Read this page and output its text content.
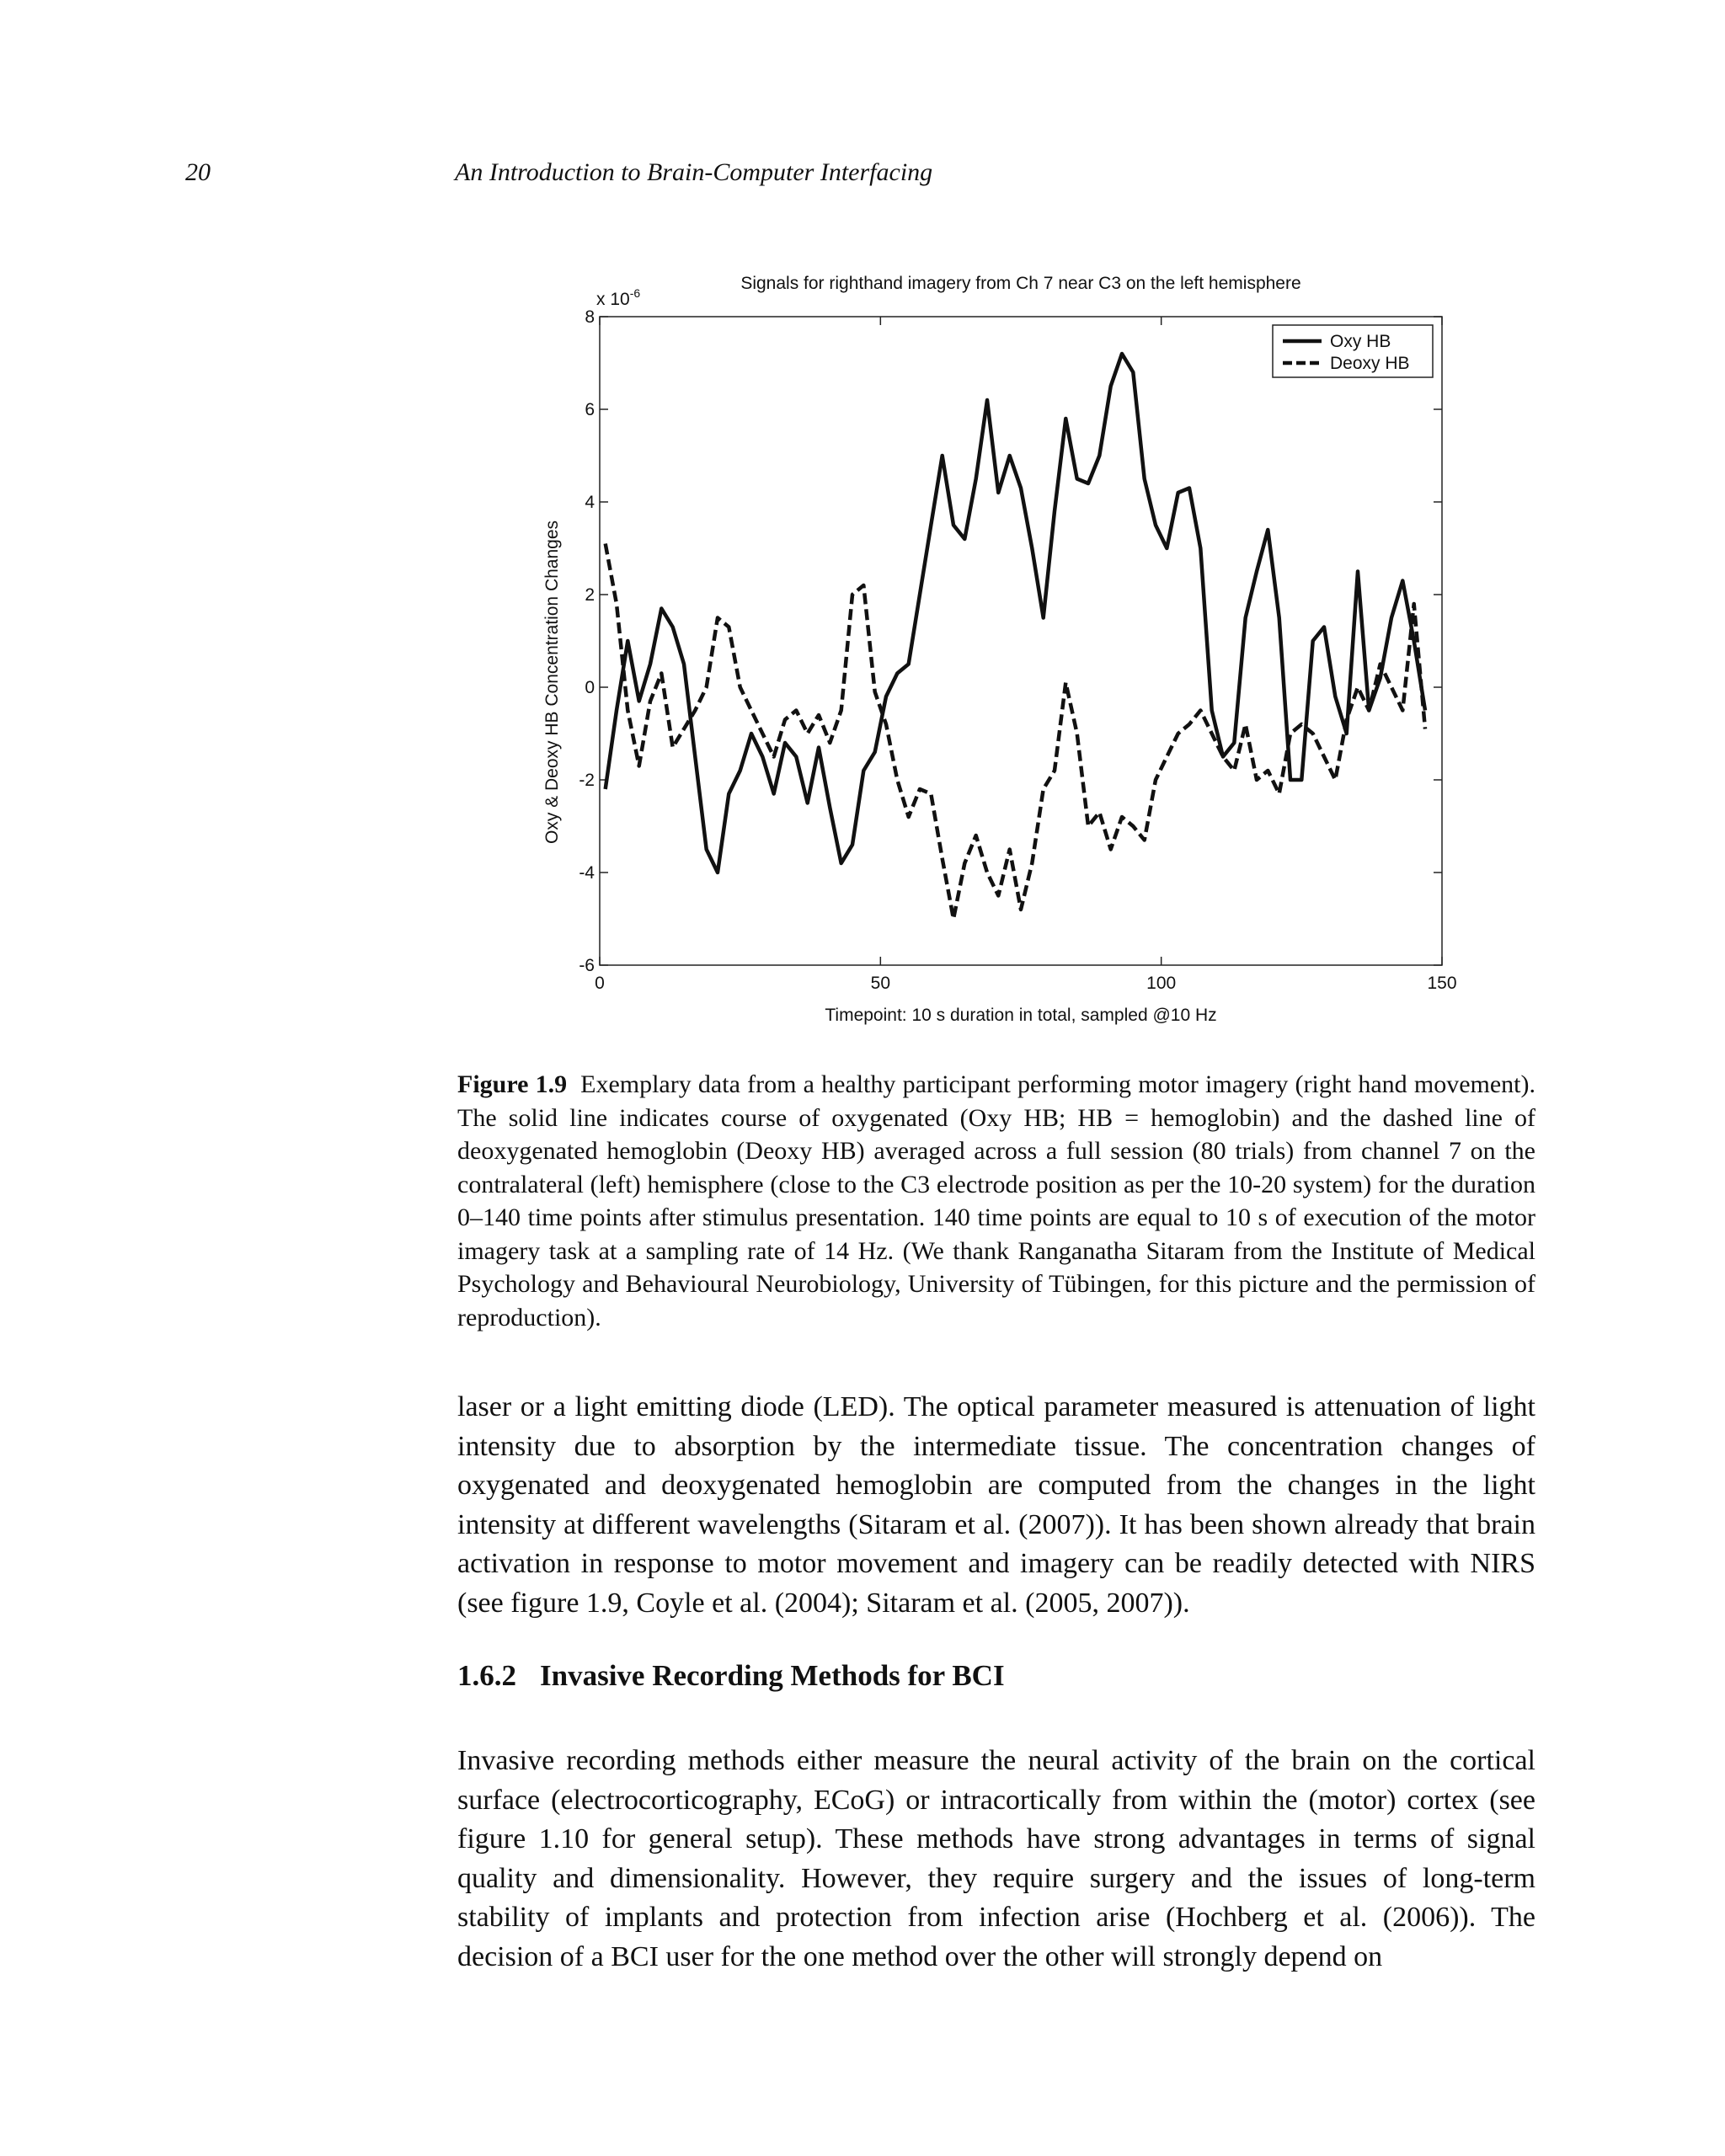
20	An Introduction to Brain-Computer Interfacing
0	50	100	150
-6
-4
-2
0
2
4
6
8
Oxy HB
Deoxy HB
Signals for righthand imagery from Ch 7 near C3 on the left hemisphere
Timepoint: 10 s duration in total, sampled @10 Hz
Oxy & Deoxy HB Concentration Changes
x $10^{-6}$
Figure 1.9 Exemplary data from a healthy participant performing motor imagery (right hand movement). The solid line indicates course of oxygenated (Oxy HB; HB = hemoglobin) and the dashed line of deoxygenated hemoglobin (Deoxy HB) averaged across a full session (80 trials) from channel 7 on the contralateral (left) hemisphere (close to the C3 electrode position as per the 10-20 system) for the duration 0–140 time points after stimulus presentation. 140 time points are equal to 10 s of execution of the motor imagery task at a sampling rate of 14 Hz. (We thank Ranganatha Sitaram from the Institute of Medical Psychology and Behavioural Neurobiology, University of Tübingen, for this picture and the permission of reproduction).

laser or a light emitting diode (LED). The optical parameter measured is attenuation of light intensity due to absorption by the intermediate tissue. The concentration changes of oxygenated and deoxygenated hemoglobin are computed from the changes in the light intensity at different wavelengths (Sitaram et al. (2007)). It has been shown already that brain activation in response to motor movement and imagery can be readily detected with NIRS (see figure 1.9, Coyle et al. (2004); Sitaram et al. (2005, 2007)).

1.6.2 Invasive Recording Methods for BCI

Invasive recording methods either measure the neural activity of the brain on the cortical surface (electrocorticography, ECoG) or intracortically from within the (motor) cortex (see figure 1.10 for general setup). These methods have strong advantages in terms of signal quality and dimensionality. However, they require surgery and the issues of long-term stability of implants and protection from infection arise (Hochberg et al. (2006)). The decision of a BCI user for the one method over the other will strongly depend on
